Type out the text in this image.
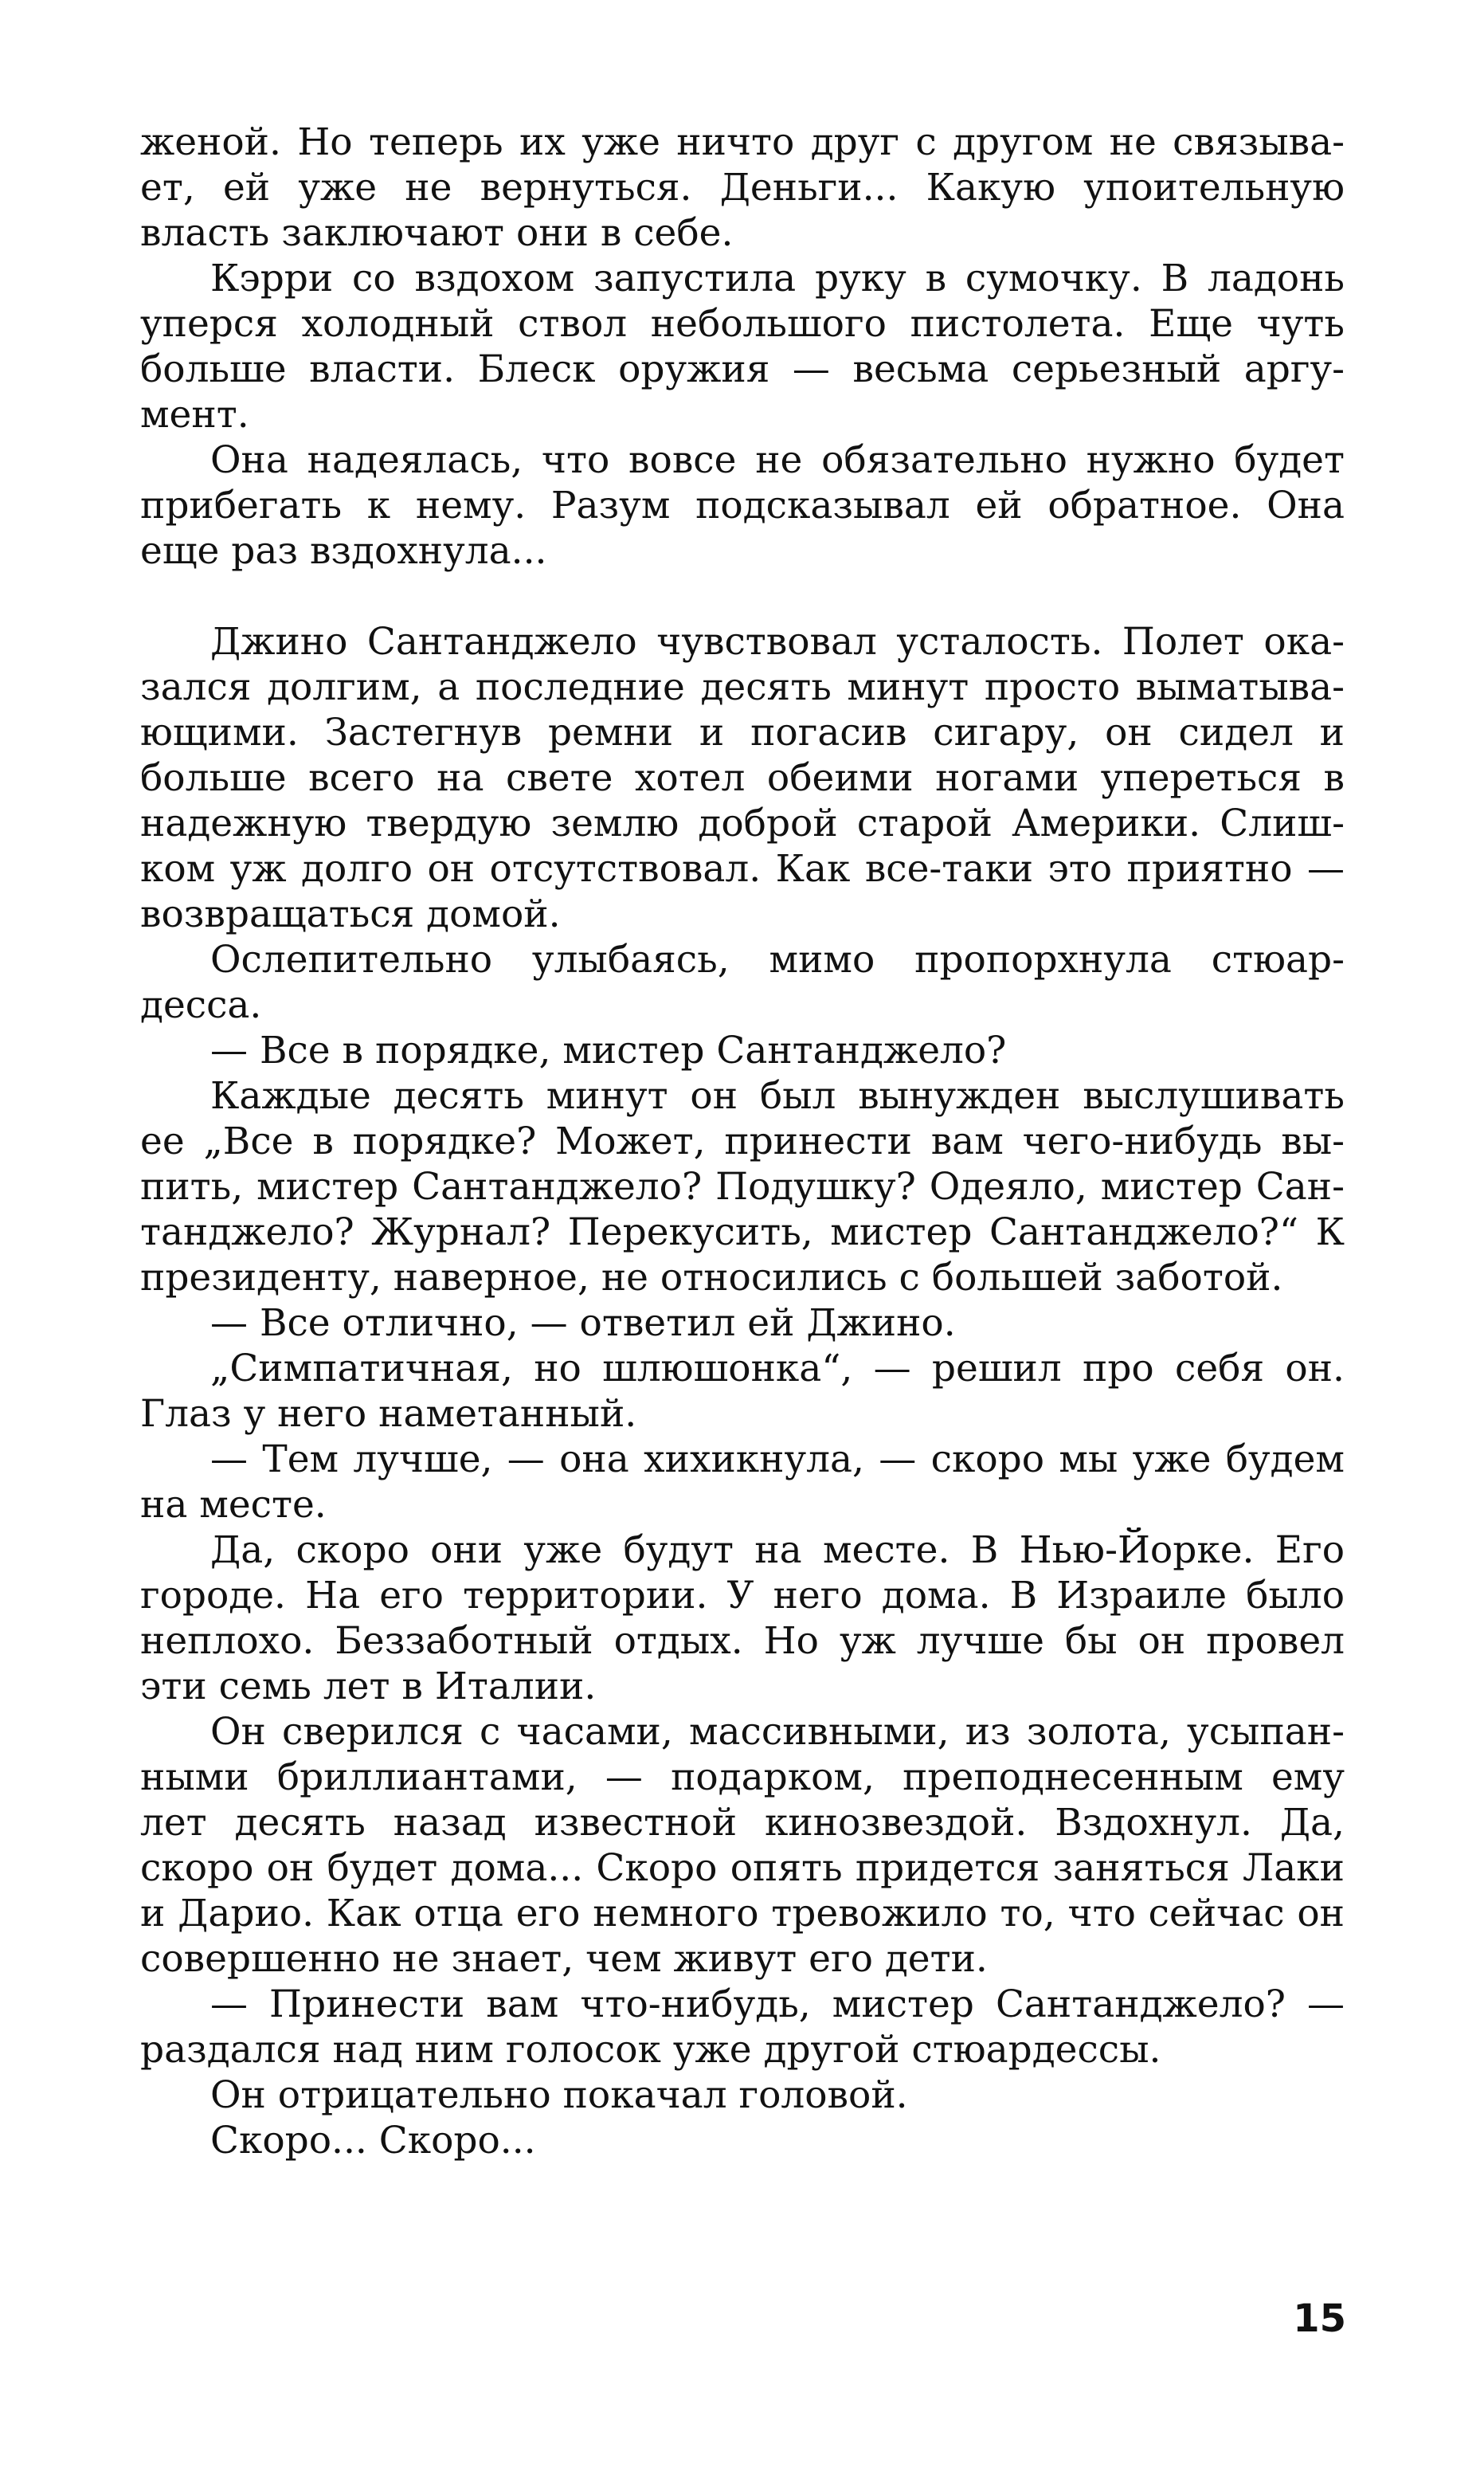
женой. Но теперь их уже ничто друг с другом не связыва-
ет, ей уже не вернуться. Деньги... Какую упоительную
власть заключают они в себе.
Кэрри со вздохом запустила руку в сумочку. В ладонь
уперся холодный ствол небольшого пистолета. Еще чуть
больше власти. Блеск оружия — весьма серьезный аргу-
мент.
Она надеялась, что вовсе не обязательно нужно будет
прибегать к нему. Разум подсказывал ей обратное. Она
еще раз вздохнула...
Джино Сантанджело чувствовал усталость. Полет ока-
зался долгим, а последние десять минут просто выматыва-
ющими. Застегнув ремни и погасив сигару, он сидел и
больше всего на свете хотел обеими ногами упереться в
надежную твердую землю доброй старой Америки. Слиш-
ком уж долго он отсутствовал. Как все-таки это приятно —
возвращаться домой.
Ослепительно улыбаясь, мимо пропорхнула стюар-
десса.
— Все в порядке, мистер Сантанджело?
Каждые десять минут он был вынужден выслушивать
ее „Все в порядке? Может, принести вам чего-нибудь вы-
пить, мистер Сантанджело? Подушку? Одеяло, мистер Сан-
танджело? Журнал? Перекусить, мистер Сантанджело?“ К
президенту, наверное, не относились с большей заботой.
— Все отлично, — ответил ей Джино.
„Симпатичная, но шлюшонка“, — решил про себя он.
Глаз у него наметанный.
— Тем лучше, — она хихикнула, — скоро мы уже будем
на месте.
Да, скоро они уже будут на месте. В Нью-Йорке. Его
городе. На его территории. У него дома. В Израиле было
неплохо. Беззаботный отдых. Но уж лучше бы он провел
эти семь лет в Италии.
Он сверился с часами, массивными, из золота, усыпан-
ными бриллиантами, — подарком, преподнесенным ему
лет десять назад известной кинозвездой. Вздохнул. Да,
скоро он будет дома... Скоро опять придется заняться Лаки
и Дарио. Как отца его немного тревожило то, что сейчас он
совершенно не знает, чем живут его дети.
— Принести вам что-нибудь, мистер Сантанджело? —
раздался над ним голосок уже другой стюардессы.
Он отрицательно покачал головой.
Скоро... Скоро...
15
